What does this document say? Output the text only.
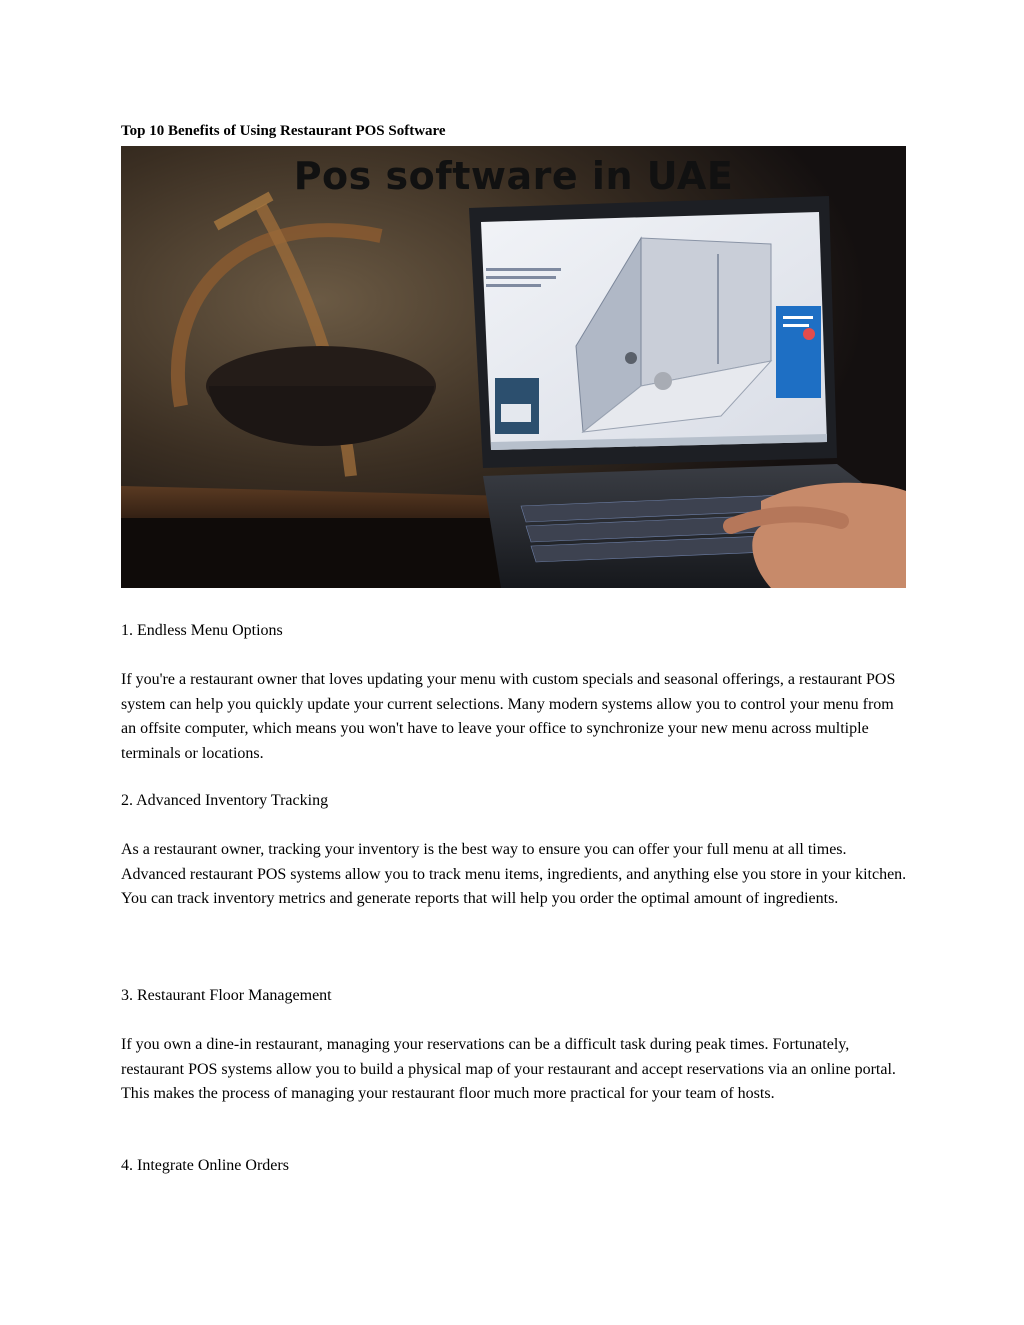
Top 10 Benefits of Using Restaurant POS Software
Pos software in UAE

1. Endless Menu Options

If you're a restaurant owner that loves updating your menu with custom specials and seasonal offerings, a restaurant POS system can help you quickly update your current selections. Many modern systems allow you to control your menu from an offsite computer, which means you won't have to leave your office to synchronize your new menu across multiple terminals or locations.

2. Advanced Inventory Tracking

As a restaurant owner, tracking your inventory is the best way to ensure you can offer your full menu at all times. Advanced restaurant POS systems allow you to track menu items, ingredients, and anything else you store in your kitchen. You can track inventory metrics and generate reports that will help you order the optimal amount of ingredients.

3. Restaurant Floor Management

If you own a dine-in restaurant, managing your reservations can be a difficult task during peak times. Fortunately, restaurant POS systems allow you to build a physical map of your restaurant and accept reservations via an online portal. This makes the process of managing your restaurant floor much more practical for your team of hosts.

4. Integrate Online Orders
